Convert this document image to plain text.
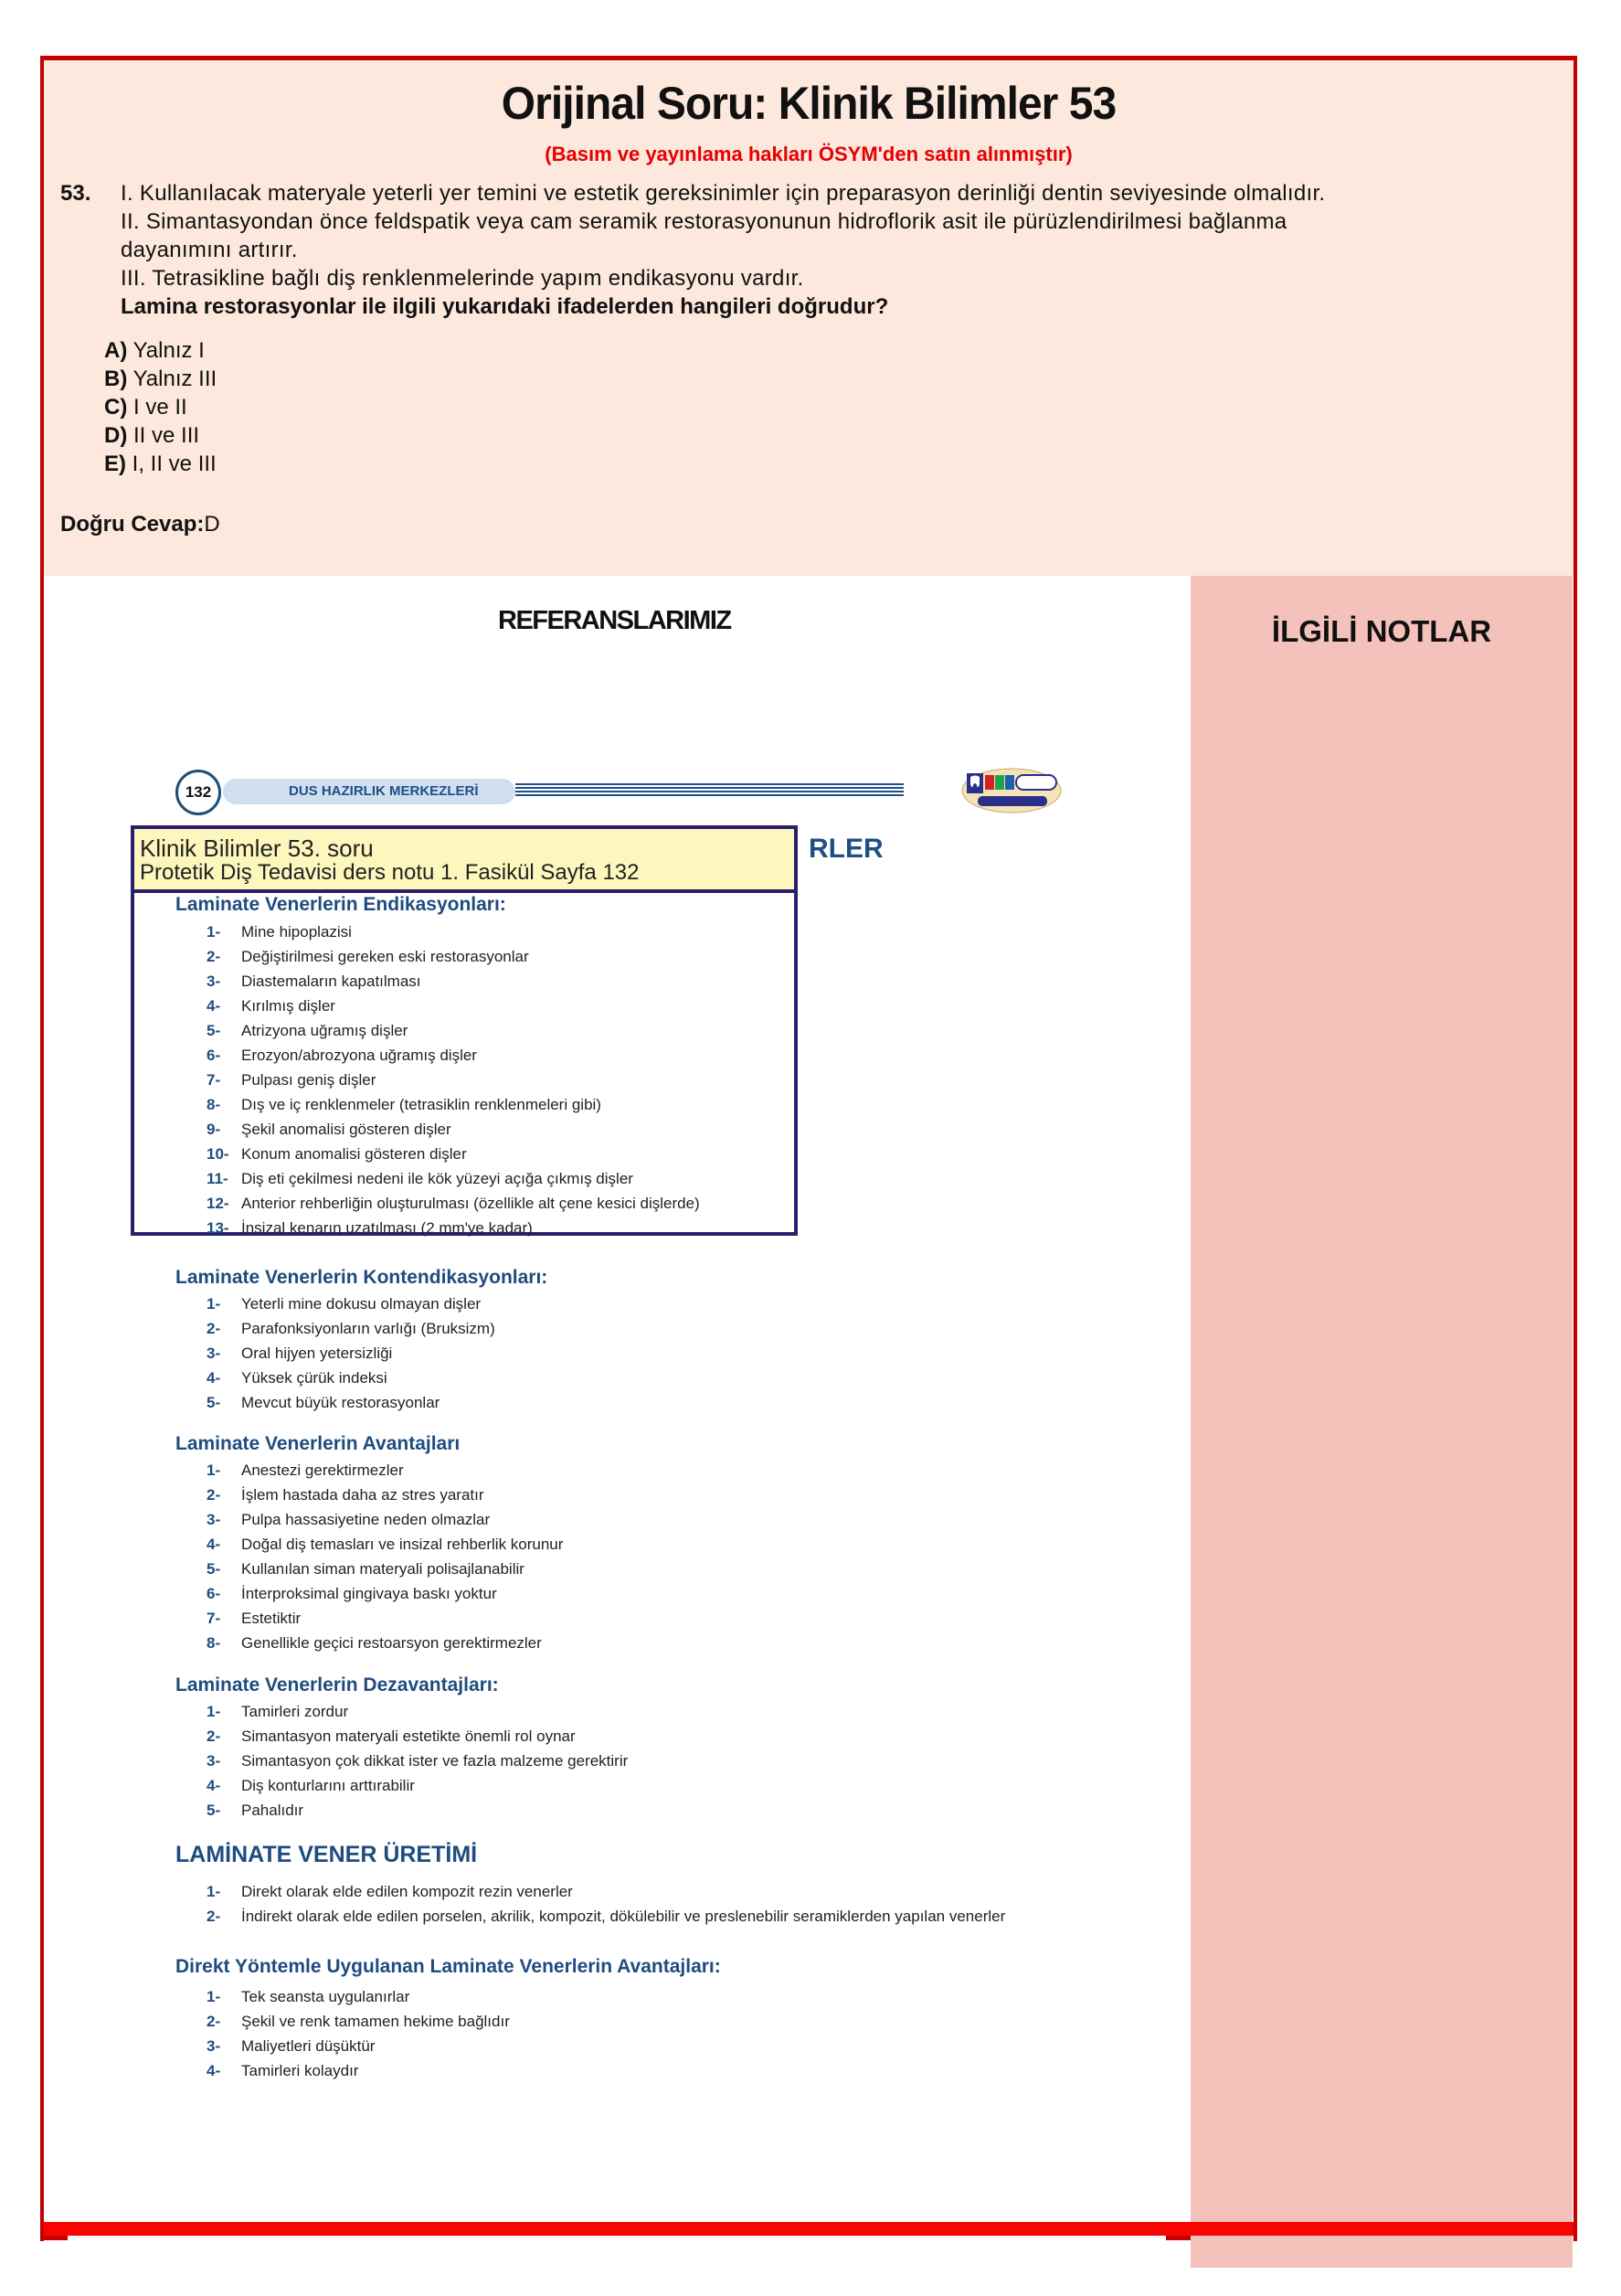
Orijinal Soru: Klinik Bilimler 53
(Basım ve yayınlama hakları ÖSYM'den satın alınmıştır)
53. I. Kullanılacak materyale yeterli yer temini ve estetik gereksinimler için preparasyon derinliği dentin seviyesinde olmalıdır.
II. Simantasyondan önce feldspatik veya cam seramik restorasyonunun hidroflorik asit ile pürüzlendirilmesi bağlanma dayanımını artırır.
III. Tetrasikline bağlı diş renklenmelerinde yapım endikasyonu vardır.
Lamina restorasyonlar ile ilgili yukarıdaki ifadelerden hangileri doğrudur?
A) Yalnız I
B) Yalnız III
C) I ve II
D) II ve III
E) I, II ve III
Doğru Cevap:D
REFERANSLARIMIZ	İLGİLİ NOTLAR
132	DUS HAZIRLIK MERKEZLERİ
RLER
Klinik Bilimler 53. soru
Protetik Diş Tedavisi ders notu 1. Fasikül Sayfa 132
Laminate Venerlerin Endikasyonları:
1- Mine hipoplazisi
2- Değiştirilmesi gereken eski restorasyonlar
3- Diastemaların kapatılması
4- Kırılmış dişler
5- Atrizyona uğramış dişler
6- Erozyon/abrozyona uğramış dişler
7- Pulpası geniş dişler
8- Dış ve iç renklenmeler (tetrasiklin renklenmeleri gibi)
9- Şekil anomalisi gösteren dişler
10- Konum anomalisi gösteren dişler
11- Diş eti çekilmesi nedeni ile kök yüzeyi açığa çıkmış dişler
12- Anterior rehberliğin oluşturulması (özellikle alt çene kesici dişlerde)
13- İnsizal kenarın uzatılması (2 mm'ye kadar)
Laminate Venerlerin Kontendikasyonları:
1- Yeterli mine dokusu olmayan dişler
2- Parafonksiyonların varlığı (Bruksizm)
3- Oral hijyen yetersizliği
4- Yüksek çürük indeksi
5- Mevcut büyük restorasyonlar
Laminate Venerlerin Avantajları
1- Anestezi gerektirmezler
2- İşlem hastada daha az stres yaratır
3- Pulpa hassasiyetine neden olmazlar
4- Doğal diş temasları ve insizal rehberlik korunur
5- Kullanılan siman materyali polisajlanabilir
6- İnterproksimal gingivaya baskı yoktur
7- Estetiktir
8- Genellikle geçici restoarsyon gerektirmezler
Laminate Venerlerin Dezavantajları:
1- Tamirleri zordur
2- Simantasyon materyali estetikte önemli rol oynar
3- Simantasyon çok dikkat ister ve fazla malzeme gerektirir
4- Diş konturlarını arttırabilir
5- Pahalıdır
LAMİNATE VENER ÜRETİMİ
1- Direkt olarak elde edilen kompozit rezin venerler
2- İndirekt olarak elde edilen porselen, akrilik, kompozit, dökülebilir ve preslenebilir seramiklerden yapılan venerler
Direkt Yöntemle Uygulanan Laminate Venerlerin Avantajları:
1- Tek seansta uygulanırlar
2- Şekil ve renk tamamen hekime bağlıdır
3- Maliyetleri düşüktür
4- Tamirleri kolaydır
